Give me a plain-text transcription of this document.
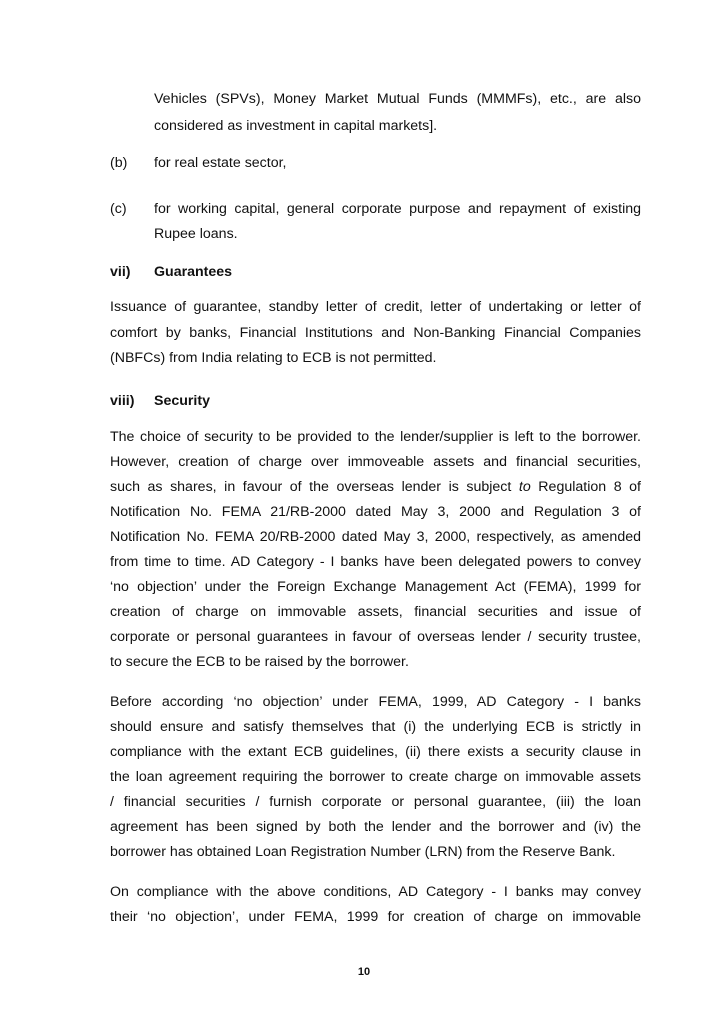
Vehicles (SPVs), Money Market Mutual Funds (MMMFs), etc., are also
considered as investment in capital markets].
(b) for real estate sector,
(c) for working capital, general corporate purpose and repayment of existing
Rupee loans.
vii) Guarantees
Issuance of guarantee, standby letter of credit, letter of undertaking or letter of
comfort by banks, Financial Institutions and Non-Banking Financial Companies
(NBFCs) from India relating to ECB is not permitted.
viii) Security
The choice of security to be provided to the lender/supplier is left to the borrower.
However, creation of charge over immoveable assets and financial securities,
such as shares, in favour of the overseas lender is subject to Regulation 8 of
Notification No. FEMA 21/RB-2000 dated May 3, 2000 and Regulation 3 of
Notification No. FEMA 20/RB-2000 dated May 3, 2000, respectively, as amended
from time to time. AD Category - I banks have been delegated powers to convey
‘no objection’ under the Foreign Exchange Management Act (FEMA), 1999 for
creation of charge on immovable assets, financial securities and issue of
corporate or personal guarantees in favour of overseas lender / security trustee,
to secure the ECB to be raised by the borrower.
Before according ‘no objection’ under FEMA, 1999, AD Category - I banks
should ensure and satisfy themselves that (i) the underlying ECB is strictly in
compliance with the extant ECB guidelines, (ii) there exists a security clause in
the loan agreement requiring the borrower to create charge on immovable assets
/ financial securities / furnish corporate or personal guarantee, (iii) the loan
agreement has been signed by both the lender and the borrower and (iv) the
borrower has obtained Loan Registration Number (LRN) from the Reserve Bank.
On compliance with the above conditions, AD Category - I banks may convey
their ‘no objection’, under FEMA, 1999 for creation of charge on immovable
10
